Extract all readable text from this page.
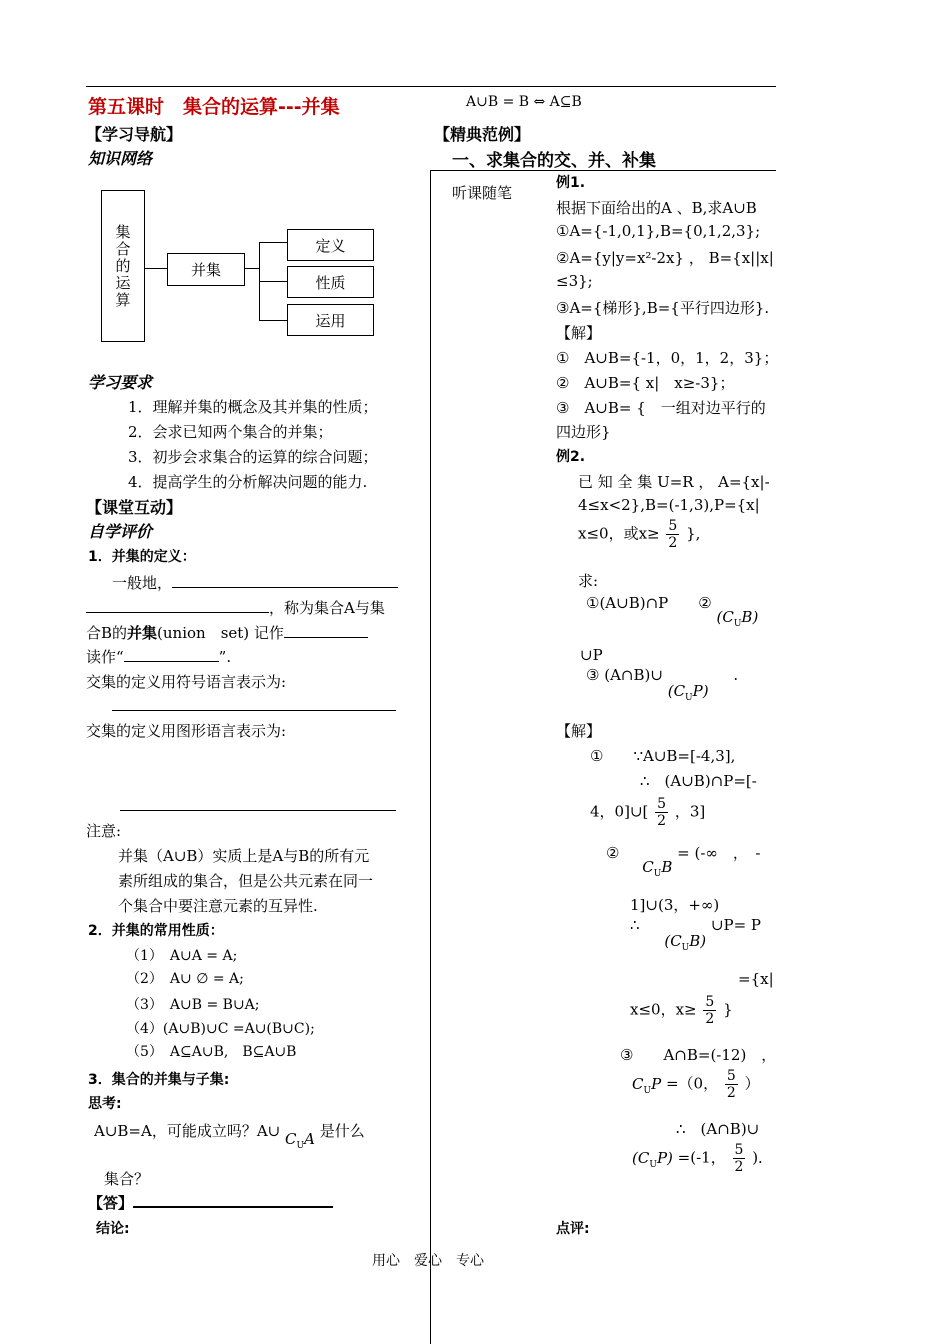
第五课时　集合的运算---并集	A∪B = B ⇔ A⊆B
【学习导航】
知识网络
集合的运算	并集
定义
性质
运用
学习要求
1．理解并集的概念及其并集的性质；
2．会求已知两个集合的并集；
3．初步会求集合的运算的综合问题；
4．提高学生的分析解决问题的能力.
【课堂互动】
自学评价
1．并集的定义：
一般地，
，称为集合A与集
合B的并集(union　set) 记作
读作“	”.
交集的定义用符号语言表示为:
交集的定义用图形语言表示为:
注意:
并集（A∪B）实质上是A与B的所有元
素所组成的集合，但是公共元素在同一
个集合中要注意元素的互异性.
2．并集的常用性质：
（1）　A∪A = A;
（2）　A∪ ∅ = A;
（3）　A∪B = B∪A;
（4）(A∪B)∪C =A∪(B∪C);
（5）　A⊆A∪B,　B⊆A∪B
3．集合的并集与子集:
思考:
A∪B=A，可能成立吗？A∪ $C_UA$ 是什么
集合？
【答】
结论:
【精典范例】
一、求集合的交、并、补集
听课随笔
例1.
根据下面给出的A 、B,求A∪B
①A={-1,0,1},B={0,1,2,3};
②A={y|y=x²-2x} ， B={x||x|
≤3};
③A={梯形},B={平行四边形}.
【解】
①　A∪B={-1，0，1，2，3}；
②　A∪B={ x|　x≥-3}；
③　A∪B= {　一组对边平行的
四边形}
例2.
已 知 全 集 U=R ， A={x|-
4≤x<2},B=(-1,3),P={x|
x≤0，或$x\ge \frac{5}{2}$ },
求:
①(A∪B)∩P　　② $(C_UB)$
∪P
③ (A∩B)∪ $(C_UP)$ .
【解】
①　　∵A∪B=[-4,3],
∴　(A∪B)∩P=[-
4，0]∪[ $\frac{5}{2}$ ，3]
② $C_UB$ = (-∞　，　-
1]∪(3，+∞)
∴ $(C_UB)$ ∪P= P
={x|
x≤0，$x\ge \frac{5}{2}$ }
③　　A∩B=(-12)　，
$C_UP =(0$， $\frac{5}{2}$ ）
∴　(A∩B)∪
$(C_UP) =(-1$， $\frac{5}{2}$ )．
点评:
用心　爱心　专心
